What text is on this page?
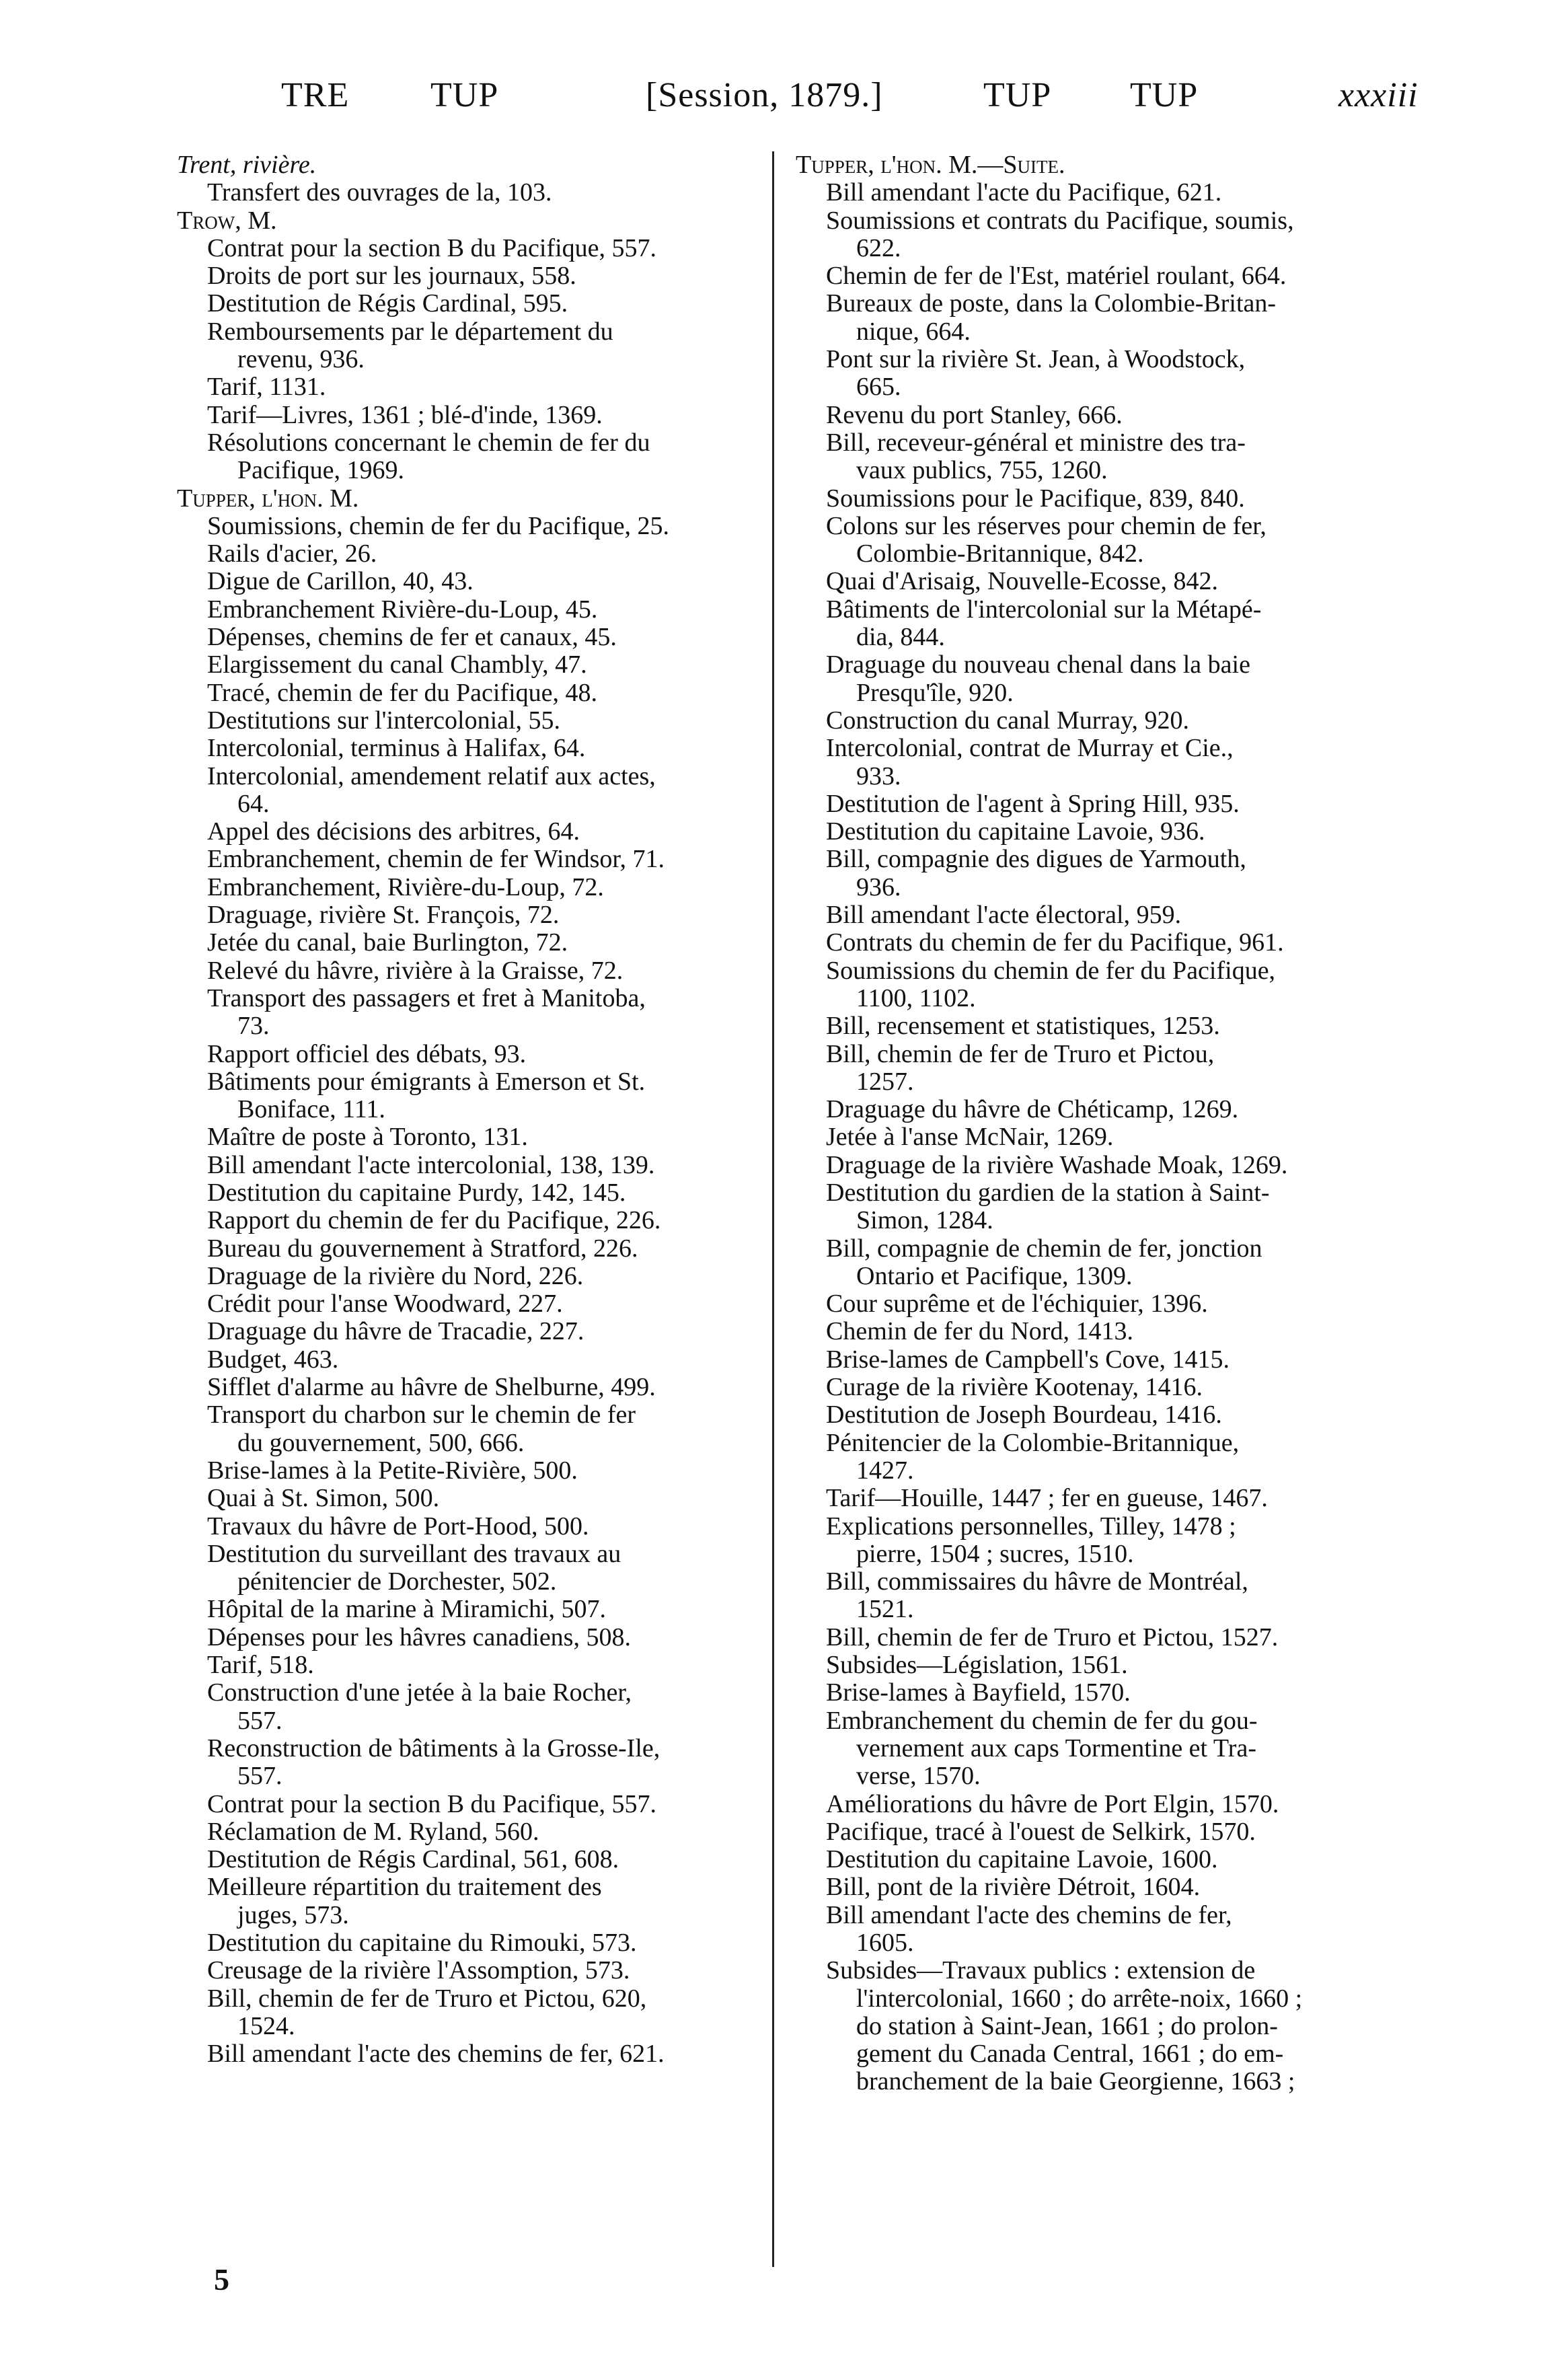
TRE TUP	[Session, 1879.]	TUP TUP	xxxiii
Trent, rivière.
Transfert des ouvrages de la, 103.
Trow, M.
Contrat pour la section B du Pacifique, 557.
Droits de port sur les journaux, 558.
Destitution de Régis Cardinal, 595.
Remboursements par le département du
revenu, 936.
Tarif, 1131.
Tarif—Livres, 1361 ; blé-d'inde, 1369.
Résolutions concernant le chemin de fer du
Pacifique, 1969.
Tupper, l'hon. M.
Soumissions, chemin de fer du Pacifique, 25.
Rails d'acier, 26.
Digue de Carillon, 40, 43.
Embranchement Rivière-du-Loup, 45.
Dépenses, chemins de fer et canaux, 45.
Elargissement du canal Chambly, 47.
Tracé, chemin de fer du Pacifique, 48.
Destitutions sur l'intercolonial, 55.
Intercolonial, terminus à Halifax, 64.
Intercolonial, amendement relatif aux actes,
64.
Appel des décisions des arbitres, 64.
Embranchement, chemin de fer Windsor, 71.
Embranchement, Rivière-du-Loup, 72.
Draguage, rivière St. François, 72.
Jetée du canal, baie Burlington, 72.
Relevé du hâvre, rivière à la Graisse, 72.
Transport des passagers et fret à Manitoba,
73.
Rapport officiel des débats, 93.
Bâtiments pour émigrants à Emerson et St.
Boniface, 111.
Maître de poste à Toronto, 131.
Bill amendant l'acte intercolonial, 138, 139.
Destitution du capitaine Purdy, 142, 145.
Rapport du chemin de fer du Pacifique, 226.
Bureau du gouvernement à Stratford, 226.
Draguage de la rivière du Nord, 226.
Crédit pour l'anse Woodward, 227.
Draguage du hâvre de Tracadie, 227.
Budget, 463.
Sifflet d'alarme au hâvre de Shelburne, 499.
Transport du charbon sur le chemin de fer
du gouvernement, 500, 666.
Brise-lames à la Petite-Rivière, 500.
Quai à St. Simon, 500.
Travaux du hâvre de Port-Hood, 500.
Destitution du surveillant des travaux au
pénitencier de Dorchester, 502.
Hôpital de la marine à Miramichi, 507.
Dépenses pour les hâvres canadiens, 508.
Tarif, 518.
Construction d'une jetée à la baie Rocher,
557.
Reconstruction de bâtiments à la Grosse-Ile,
557.
Contrat pour la section B du Pacifique, 557.
Réclamation de M. Ryland, 560.
Destitution de Régis Cardinal, 561, 608.
Meilleure répartition du traitement des
juges, 573.
Destitution du capitaine du Rimouki, 573.
Creusage de la rivière l'Assomption, 573.
Bill, chemin de fer de Truro et Pictou, 620,
1524.
Bill amendant l'acte des chemins de fer, 621.
Tupper, l'hon. M.—Suite.
Bill amendant l'acte du Pacifique, 621.
Soumissions et contrats du Pacifique, soumis,
622.
Chemin de fer de l'Est, matériel roulant, 664.
Bureaux de poste, dans la Colombie-Britan-
nique, 664.
Pont sur la rivière St. Jean, à Woodstock,
665.
Revenu du port Stanley, 666.
Bill, receveur-général et ministre des tra-
vaux publics, 755, 1260.
Soumissions pour le Pacifique, 839, 840.
Colons sur les réserves pour chemin de fer,
Colombie-Britannique, 842.
Quai d'Arisaig, Nouvelle-Ecosse, 842.
Bâtiments de l'intercolonial sur la Métapé-
dia, 844.
Draguage du nouveau chenal dans la baie
Presqu'île, 920.
Construction du canal Murray, 920.
Intercolonial, contrat de Murray et Cie.,
933.
Destitution de l'agent à Spring Hill, 935.
Destitution du capitaine Lavoie, 936.
Bill, compagnie des digues de Yarmouth,
936.
Bill amendant l'acte électoral, 959.
Contrats du chemin de fer du Pacifique, 961.
Soumissions du chemin de fer du Pacifique,
1100, 1102.
Bill, recensement et statistiques, 1253.
Bill, chemin de fer de Truro et Pictou,
1257.
Draguage du hâvre de Chéticamp, 1269.
Jetée à l'anse McNair, 1269.
Draguage de la rivière Washade Moak, 1269.
Destitution du gardien de la station à Saint-
Simon, 1284.
Bill, compagnie de chemin de fer, jonction
Ontario et Pacifique, 1309.
Cour suprême et de l'échiquier, 1396.
Chemin de fer du Nord, 1413.
Brise-lames de Campbell's Cove, 1415.
Curage de la rivière Kootenay, 1416.
Destitution de Joseph Bourdeau, 1416.
Pénitencier de la Colombie-Britannique,
1427.
Tarif—Houille, 1447 ; fer en gueuse, 1467.
Explications personnelles, Tilley, 1478 ;
pierre, 1504 ; sucres, 1510.
Bill, commissaires du hâvre de Montréal,
1521.
Bill, chemin de fer de Truro et Pictou, 1527.
Subsides—Législation, 1561.
Brise-lames à Bayfield, 1570.
Embranchement du chemin de fer du gou-
vernement aux caps Tormentine et Tra-
verse, 1570.
Améliorations du hâvre de Port Elgin, 1570.
Pacifique, tracé à l'ouest de Selkirk, 1570.
Destitution du capitaine Lavoie, 1600.
Bill, pont de la rivière Détroit, 1604.
Bill amendant l'acte des chemins de fer,
1605.
Subsides—Travaux publics : extension de
l'intercolonial, 1660 ; do arrête-noix, 1660 ;
do station à Saint-Jean, 1661 ; do prolon-
gement du Canada Central, 1661 ; do em-
branchement de la baie Georgienne, 1663 ;
5
